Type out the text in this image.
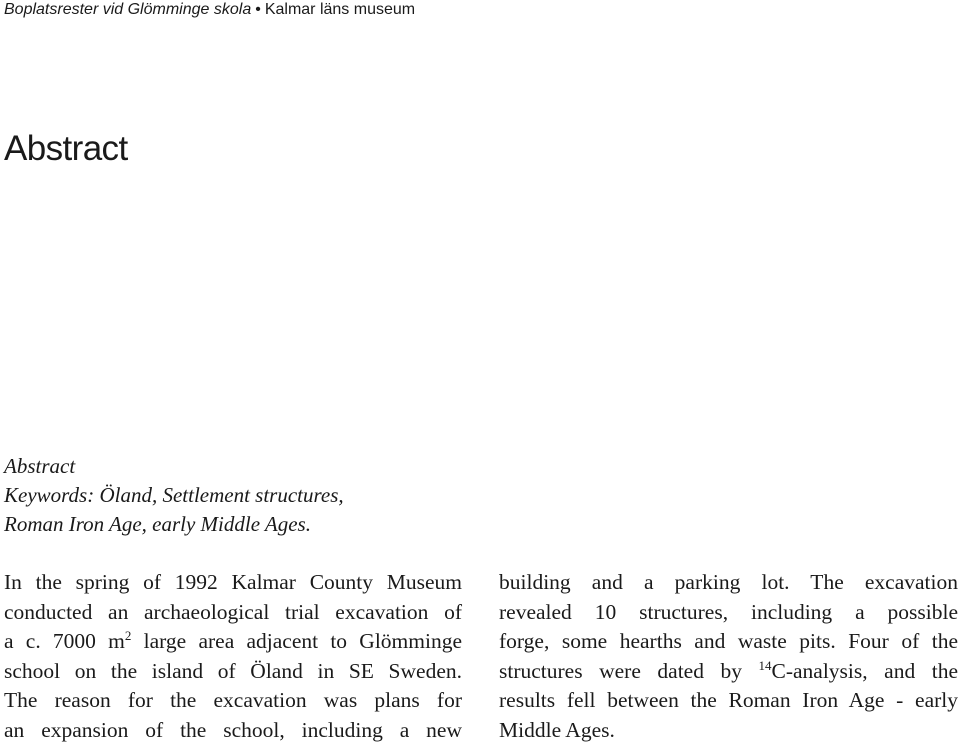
Boplatsrester vid Glömminge skola • Kalmar läns museum
Abstract
Abstract
Keywords: Öland, Settlement structures,
Roman Iron Age, early Middle Ages.
In the spring of 1992 Kalmar County Museum
conducted an archaeological trial excavation of
a c. 7000 $m^2$ large area adjacent to Glömminge
school on the island of Öland in SE Sweden.
The reason for the excavation was plans for
an expansion of the school, including a new
building and a parking lot. The excavation
revealed 10 structures, including a possible
forge, some hearths and waste pits. Four of the
structures were dated by $^{14}$C-analysis, and the
results fell between the Roman Iron Age - early
Middle Ages.
